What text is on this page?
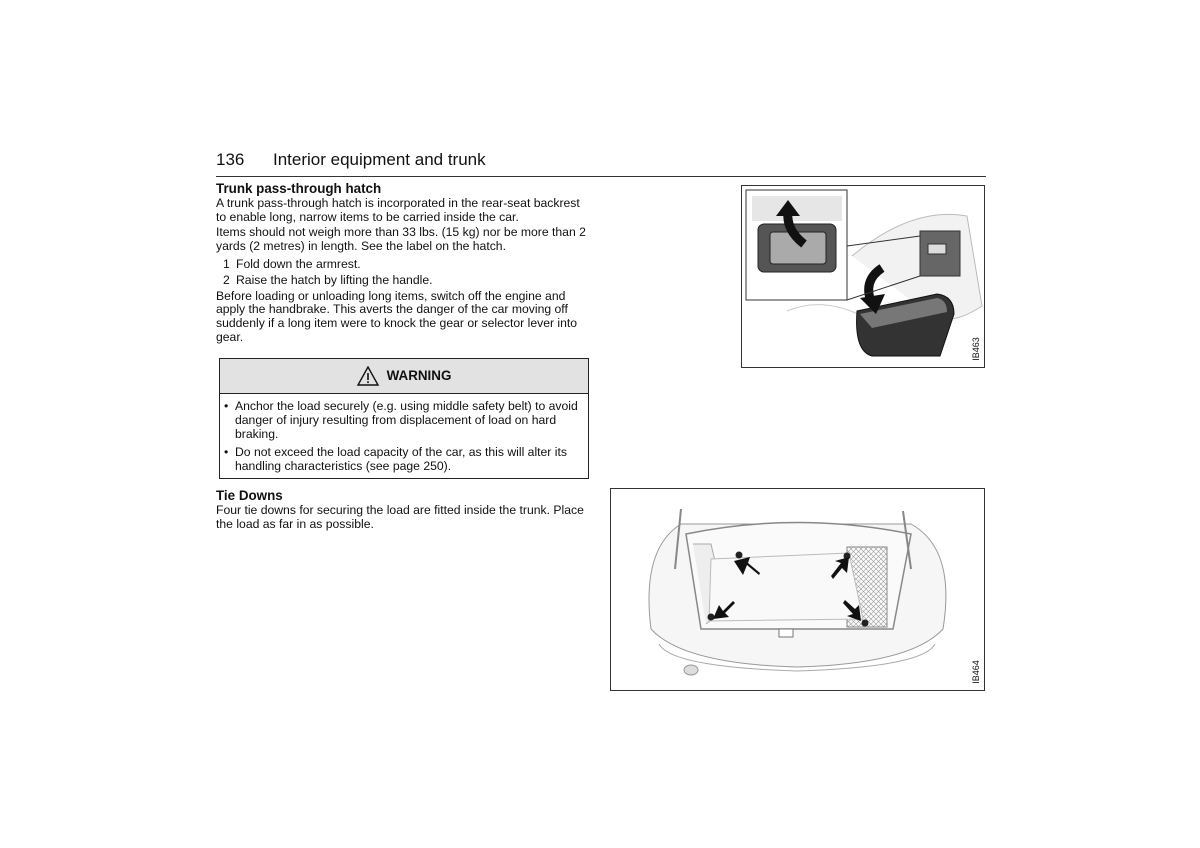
136 Interior equipment and trunk
Trunk pass-through hatch

A trunk pass-through hatch is incorporated in the rear-seat backrest to enable long, narrow items to be carried inside the car.

Items should not weigh more than 33 lbs. (15 kg) nor be more than 2 yards (2 metres) in length. See the label on the hatch.

1 Fold down the armrest.
2 Raise the hatch by lifting the handle.

Before loading or unloading long items, switch off the engine and apply the handbrake. This averts the danger of the car moving off suddenly if a long item were to knock the gear or selector lever into gear.

WARNING
• Anchor the load securely (e.g. using middle safety belt) to avoid danger of injury resulting from displacement of load on hard braking.
• Do not exceed the load capacity of the car, as this will alter its handling characteristics (see page 250).
Tie Downs

Four tie downs for securing the load are fitted inside the trunk. Place the load as far in as possible.

IB463
IB464
